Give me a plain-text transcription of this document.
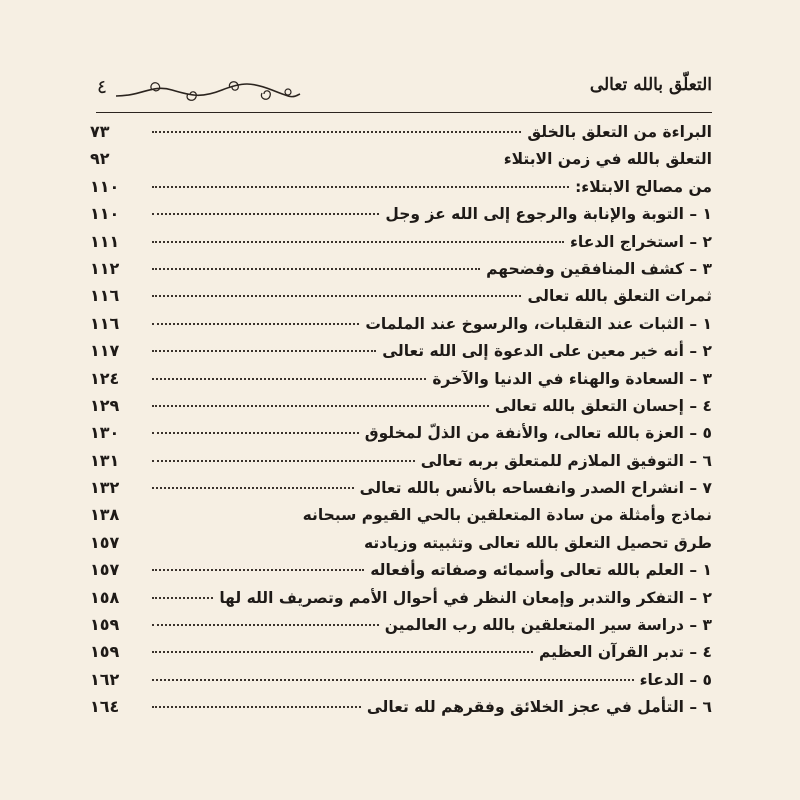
٤	التعلّق بالله تعالى
البراءة من التعلق بالخلق
٧٣
التعلق بالله في زمن الابتلاء
٩٢
من مصالح الابتلاء:
١١٠
١ – التوبة والإنابة والرجوع إلى الله عز وجل
١١٠
٢ – استخراج الدعاء
١١١
٣ – كشف المنافقين وفضحهم
١١٢
ثمرات التعلق بالله تعالى
١١٦
١ – الثبات عند التقلبات، والرسوخ عند الملمات
١١٦
٢ – أنه خير معين على الدعوة إلى الله تعالى
١١٧
٣ – السعادة والهناء في الدنيا والآخرة
١٢٤
٤ – إحسان التعلق بالله تعالى
١٢٩
٥ – العزة بالله تعالى، والأنفة من الذلّ لمخلوق
١٣٠
٦ – التوفيق الملازم للمتعلق بربه تعالى
١٣١
٧ – انشراح الصدر وانفساحه بالأنس بالله تعالى
١٣٢
نماذج وأمثلة من سادة المتعلقين بالحي القيوم سبحانه
١٣٨
طرق تحصيل التعلق بالله تعالى وتثبيته وزيادته
١٥٧
١ – العلم بالله تعالى وأسمائه وصفاته وأفعاله
١٥٧
٢ – التفكر والتدبر وإمعان النظر في أحوال الأمم وتصريف الله لها
١٥٨
٣ – دراسة سير المتعلقين بالله رب العالمين
١٥٩
٤ – تدبر القرآن العظيم
١٥٩
٥ – الدعاء
١٦٢
٦ – التأمل في عجز الخلائق وفقرهم لله تعالى
١٦٤
